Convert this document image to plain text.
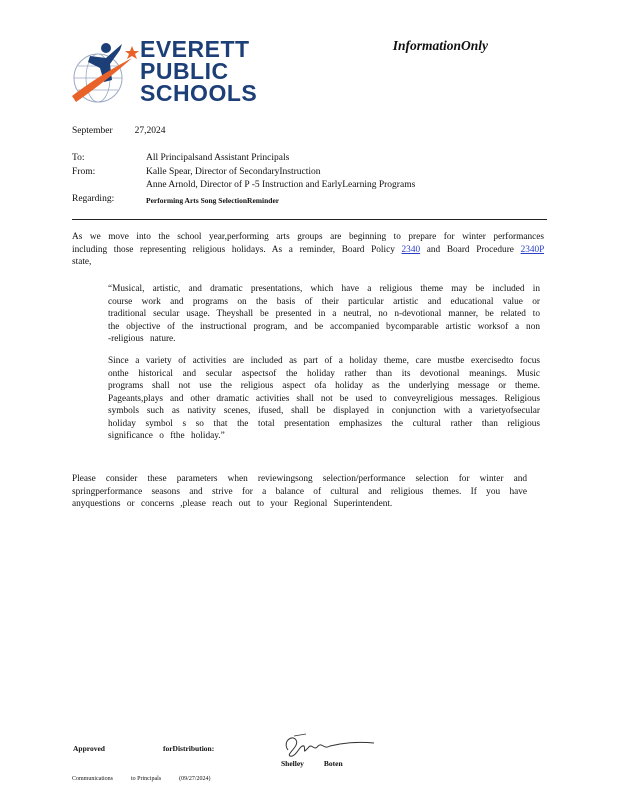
EVERETT
PUBLIC
SCHOOLS
InformationOnly
September 27,2024
To:	All Principalsand Assistant Principals
From:	Kalle Spear, Director of SecondaryInstruction
Anne Arnold, Director of P -5 Instruction and EarlyLearning Programs
Regarding:	Performing Arts Song SelectionReminder
As we move into the school year,performing arts groups are beginning to prepare for winter performances including those representing religious holidays. As a reminder, Board Policy 2340 and Board Procedure 2340P state,
“Musical, artistic, and dramatic presentations, which have a religious theme may be included in course work and programs on the basis of their particular artistic and educational value or traditional secular usage. Theyshall be presented in a neutral, no n-devotional manner, be related to the objective of the instructional program, and be accompanied bycomparable artistic worksof a non -religious nature.
Since a variety of activities are included as part of a holiday theme, care mustbe exercisedto focus onthe historical and secular aspectsof the holiday rather than its devotional meanings. Music programs shall not use the religious aspect ofa holiday as the underlying message or theme. Pageants,plays and other dramatic activities shall not be used to conveyreligious messages. Religious symbols such as nativity scenes, ifused, shall be displayed in conjunction with a varietyofsecular holiday symbol s so that the total presentation emphasizes the cultural rather than religious significance o fthe holiday.”
Please consider these parameters when reviewingsong selection/performance selection for winter and springperformance seasons and strive for a balance of cultural and religious themes. If you have anyquestions or concerns ,please reach out to your Regional Superintendent.
Approved	forDistribution:
Shelley	Boten
Communications	to Principals	(09/27/2024)
